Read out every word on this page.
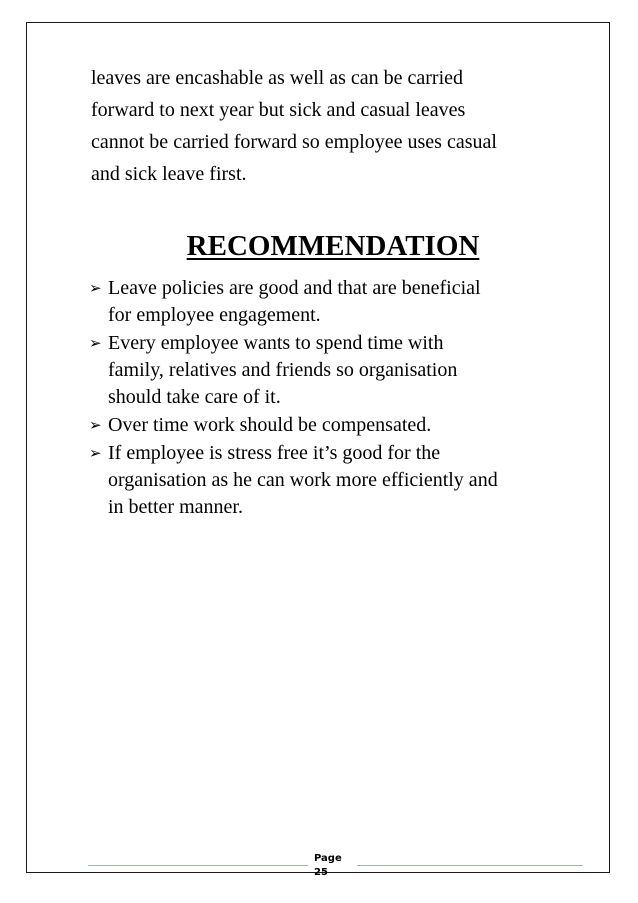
leaves are encashable as well as can be carried
forward to next year but sick and casual leaves
cannot be carried forward so employee uses casual
and sick leave first.
RECOMMENDATION
➢ Leave policies are good and that are beneficial
for employee engagement.
➢ Every employee wants to spend time with
family, relatives and friends so organisation
should take care of it.
➢ Over time work should be compensated.
➢ If employee is stress free it’s good for the
organisation as he can work more efficiently and
in better manner.
Page
25
